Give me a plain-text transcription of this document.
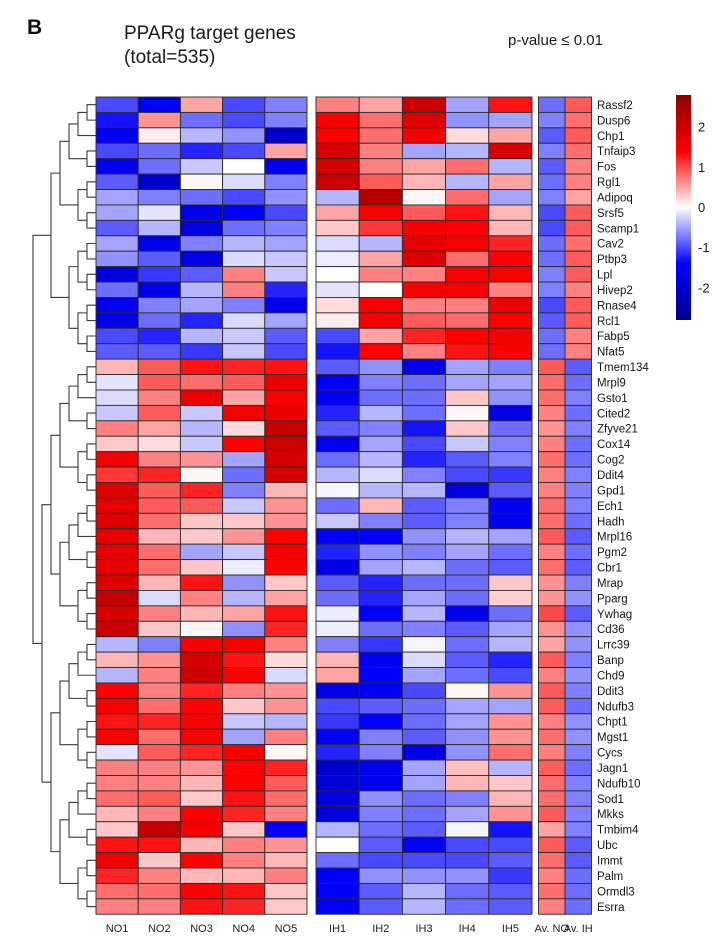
B	PPARg target genes
(total=535)
p-value ≤ 0.01
Rassf2
Dusp6
Chp1
Tnfaip3
Fos
Rgl1
Adipoq
Srsf5
Scamp1
Cav2
Ptbp3
Lpl
Hivep2
Rnase4
Rcl1
Fabp5
Nfat5
Tmem134
Mrpl9
Gsto1
Cited2
Zfyve21
Cox14
Cog2
Ddit4
Gpd1
Ech1
Hadh
Mrpl16
Pgm2
Cbr1
Mrap
Pparg
Ywhag
Cd36
Lrrc39
Banp
Chd9
Ddit3
Ndufb3
Chpt1
Mgst1
Cycs
Jagn1
Ndufb10
Sod1
Mkks
Tmbim4
Ubc
Immt
Palm
Ormdl3
Esrra
NO1 NO2 NO3 NO4 NO5	IH1 IH2 IH3 IH4 IH5 Av. NO
Av. IH
2
1
0
-1
-2
